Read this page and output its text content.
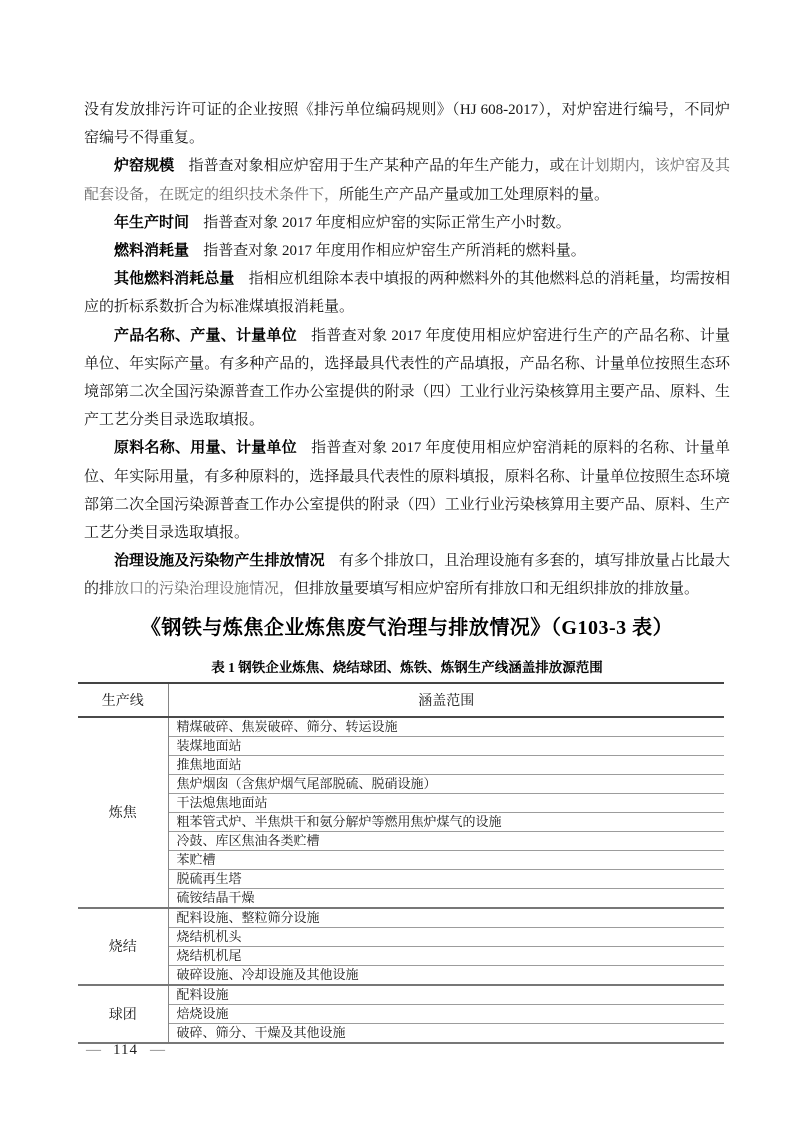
没有发放排污许可证的企业按照《排污单位编码规则》（HJ 608-2017），对炉窑进行编号，不同炉窑编号不得重复。

炉窑规模 指普查对象相应炉窑用于生产某种产品的年生产能力，或在计划期内，该炉窑及其配套设备，在既定的组织技术条件下，所能生产产品产量或加工处理原料的量。

年生产时间 指普查对象 2017 年度相应炉窑的实际正常生产小时数。

燃料消耗量 指普查对象 2017 年度用作相应炉窑生产所消耗的燃料量。

其他燃料消耗总量 指相应机组除本表中填报的两种燃料外的其他燃料总的消耗量，均需按相应的折标系数折合为标准煤填报消耗量。

产品名称、产量、计量单位 指普查对象 2017 年度使用相应炉窑进行生产的产品名称、计量单位、年实际产量。有多种产品的，选择最具代表性的产品填报，产品名称、计量单位按照生态环境部第二次全国污染源普查工作办公室提供的附录（四）工业行业污染核算用主要产品、原料、生产工艺分类目录选取填报。

原料名称、用量、计量单位 指普查对象 2017 年度使用相应炉窑消耗的原料的名称、计量单位、年实际用量，有多种原料的，选择最具代表性的原料填报，原料名称、计量单位按照生态环境部第二次全国污染源普查工作办公室提供的附录（四）工业行业污染核算用主要产品、原料、生产工艺分类目录选取填报。

治理设施及污染物产生排放情况 有多个排放口，且治理设施有多套的，填写排放量占比最大的排放口的污染治理设施情况，但排放量要填写相应炉窑所有排放口和无组织排放的排放量。

《钢铁与炼焦企业炼焦废气治理与排放情况》（G103-3 表）
表 1 钢铁企业炼焦、烧结球团、炼铁、炼钢生产线涵盖排放源范围
生产线	涵盖范围
炼焦	精煤破碎、焦炭破碎、筛分、转运设施
	装煤地面站
	推焦地面站
	焦炉烟囱（含焦炉烟气尾部脱硫、脱硝设施）
	干法熄焦地面站
	粗苯管式炉、半焦烘干和氨分解炉等燃用焦炉煤气的设施
	冷鼓、库区焦油各类贮槽
	苯贮槽
	脱硫再生塔
	硫铵结晶干燥
烧结	配料设施、整粒筛分设施
	烧结机机头
	烧结机机尾
	破碎设施、冷却设施及其他设施
球团	配料设施
	焙烧设施
	破碎、筛分、干燥及其他设施
— 114 —
